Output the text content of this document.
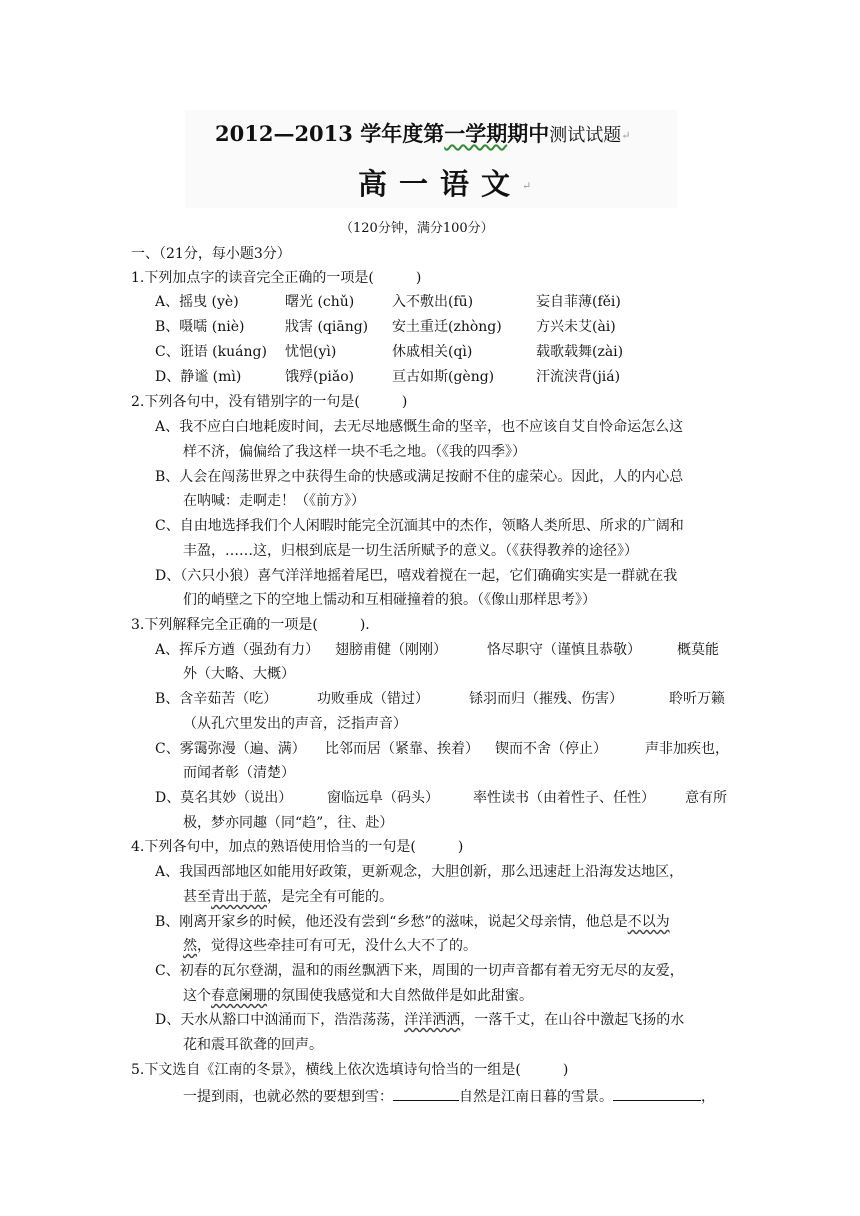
2012—2013 学年度第一学期期中测试试题↵
高一语文↵
（120分钟，满分100分）
一、（21分，每小题3分）
1.下列加点字的读音完全正确的一项是(　　　)
A、摇曳 (yè)	曙光 (chǔ)	入不敷出(fū)	妄自菲薄(fěi)
B、嗫嚅 (niè)	戕害 (qiāng) 安土重迁(zhòng) 方兴未艾(ài)
C、诳语 (kuáng) 忧悒(yì)	休戚相关(qì)	载歌载舞(zài)
D、静谧 (mì)	饿殍(piǎo)	亘古如斯(gèng)	汗流浃背(jiá)
2.下列各句中，没有错别字的一句是(　　　)
A、我不应白白地耗废时间，去无尽地感慨生命的坚辛，也不应该自艾自怜命运怎么这
样不济，偏偏给了我这样一块不毛之地。（《我的四季》）
B、人会在闯荡世界之中获得生命的快感或满足按耐不住的虚荣心。因此，人的内心总
在呐喊：走啊走！（《前方》）
C、自由地选择我们个人闲暇时能完全沉湎其中的杰作，领略人类所思、所求的广阔和
丰盈，……这，归根到底是一切生活所赋予的意义。（《获得教养的途径》）
D、（六只小狼）喜气洋洋地摇着尾巴，嘻戏着搅在一起，它们确确实实是一群就在我
们的峭壁之下的空地上懦动和互相碰撞着的狼。（《像山那样思考》）
3.下列解释完全正确的一项是(　　　).
A、挥斥方遒（强劲有力） 翅膀甫健（刚刚）	恪尽职守（谨慎且恭敬）	概莫能
外（大略、大概）
B、含辛茹苦（吃）	功败垂成（错过）	铩羽而归（摧残、伤害）	聆听万籁
（从孔穴里发出的声音，泛指声音）
C、雾霭弥漫（遍、满） 比邻而居（紧靠、挨着） 锲而不舍（停止）	声非加疾也，
而闻者彰（清楚）
D、莫名其妙（说出） 窗临远阜（码头） 率性读书（由着性子、任性） 意有所
极，梦亦同趣（同“趋”，往、赴）
4.下列各句中，加点的熟语使用恰当的一句是(　　　)
A、我国西部地区如能用好政策，更新观念，大胆创新，那么迅速赶上沿海发达地区，
甚至青出于蓝，是完全有可能的。
B、刚离开家乡的时候，他还没有尝到“乡愁”的滋味，说起父母亲情，他总是不以为
然，觉得这些牵挂可有可无，没什么大不了的。
C、初春的瓦尔登湖，温和的雨丝飘洒下来，周围的一切声音都有着无穷无尽的友爱，
这个春意阑珊的氛围使我感觉和大自然做伴是如此甜蜜。
D、天水从豁口中汹涌而下，浩浩荡荡，洋洋洒洒，一落千丈，在山谷中激起飞扬的水
花和震耳欲聋的回声。
5.下文选自《江南的冬景》，横线上依次选填诗句恰当的一组是(　　　)
一提到雨，也就必然的要想到雪：	自然是江南日暮的雪景。	，
